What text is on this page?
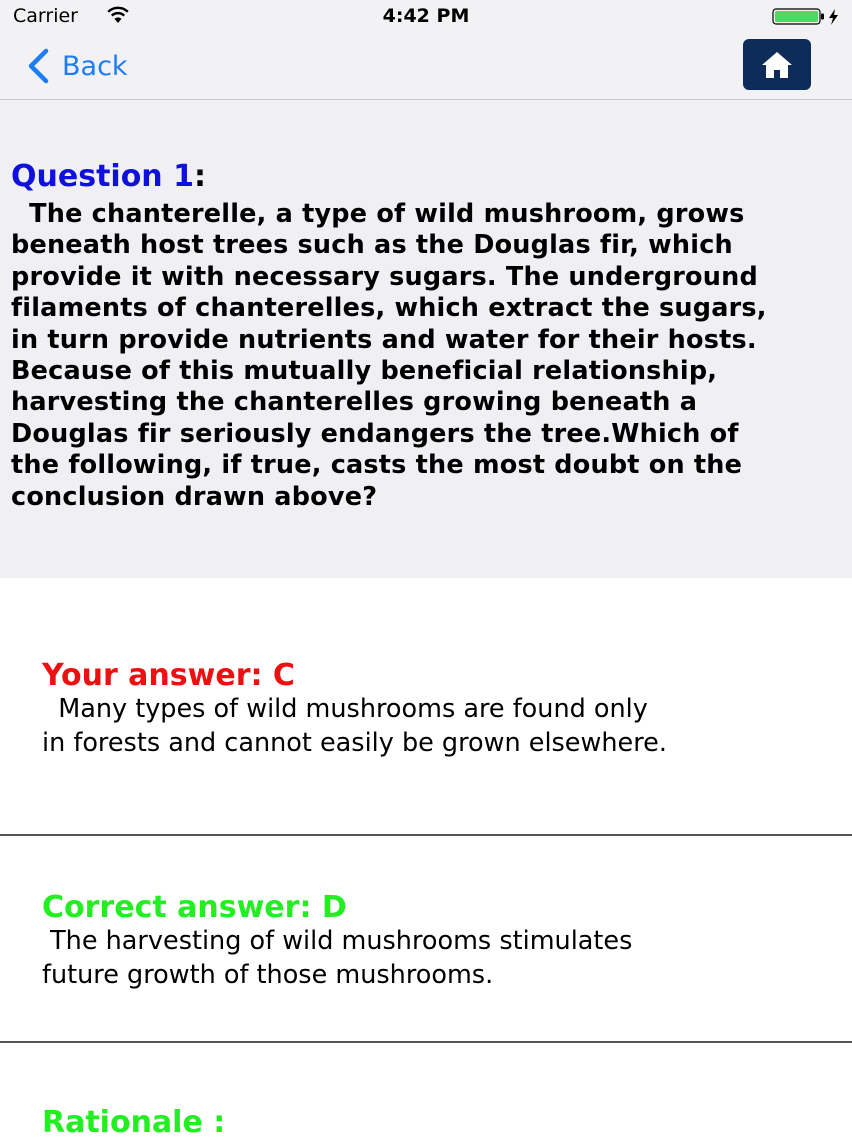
Carrier	4:42 PM
Back
Question 1:
The chanterelle, a type of wild mushroom, grows
beneath host trees such as the Douglas fir, which
provide it with necessary sugars. The underground
filaments of chanterelles, which extract the sugars,
in turn provide nutrients and water for their hosts.
Because of this mutually beneficial relationship,
harvesting the chanterelles growing beneath a
Douglas fir seriously endangers the tree.Which of
the following, if true, casts the most doubt on the
conclusion drawn above?
Your answer: C
Many types of wild mushrooms are found only
in forests and cannot easily be grown elsewhere.
Correct answer: D
The harvesting of wild mushrooms stimulates
future growth of those mushrooms.
Rationale :
